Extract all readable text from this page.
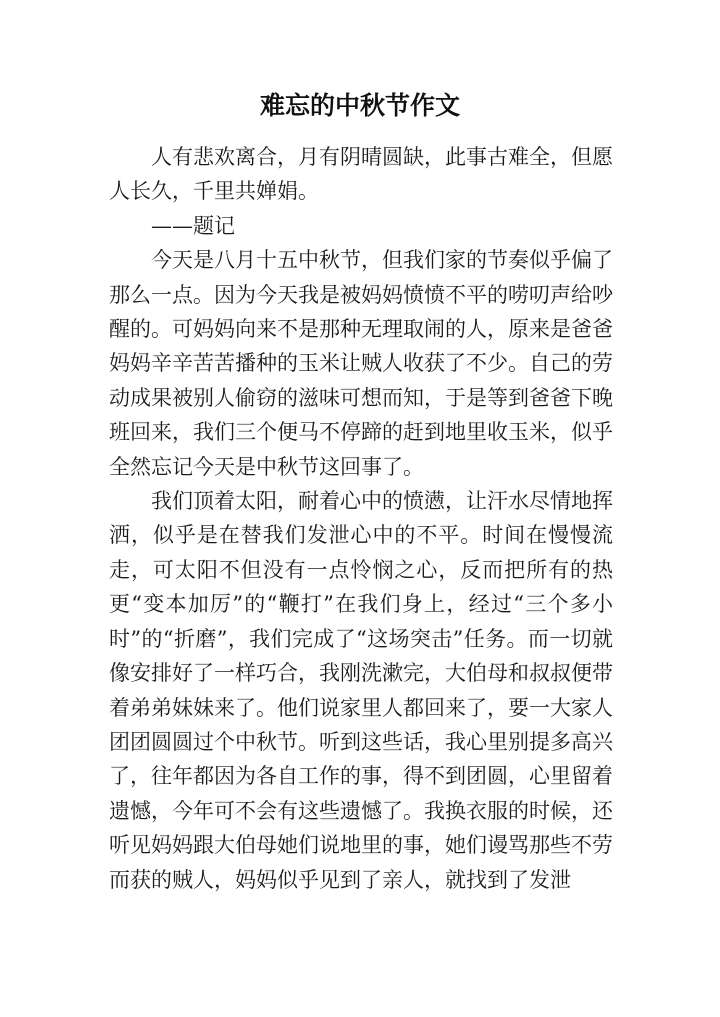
难忘的中秋节作文

人有悲欢离合，月有阴晴圆缺，此事古难全，但愿人长久，千里共婵娟。

——题记

今天是八月十五中秋节，但我们家的节奏似乎偏了那么一点。因为今天我是被妈妈愤愤不平的唠叨声给吵醒的。可妈妈向来不是那种无理取闹的人，原来是爸爸妈妈辛辛苦苦播种的玉米让贼人收获了不少。自己的劳动成果被别人偷窃的滋味可想而知，于是等到爸爸下晚班回来，我们三个便马不停蹄的赶到地里收玉米，似乎全然忘记今天是中秋节这回事了。

我们顶着太阳，耐着心中的愤懑，让汗水尽情地挥洒，似乎是在替我们发泄心中的不平。时间在慢慢流走，可太阳不但没有一点怜悯之心，反而把所有的热更“变本加厉”的“鞭打”在我们身上，经过“三个多小时”的“折磨”，我们完成了“这场突击”任务。而一切就像安排好了一样巧合，我刚洗漱完，大伯母和叔叔便带着弟弟妹妹来了。他们说家里人都回来了，要一大家人团团圆圆过个中秋节。听到这些话，我心里别提多高兴了，往年都因为各自工作的事，得不到团圆，心里留着遗憾，今年可不会有这些遗憾了。我换衣服的时候，还听见妈妈跟大伯母她们说地里的事，她们谩骂那些不劳而获的贼人，妈妈似乎见到了亲人，就找到了发泄
